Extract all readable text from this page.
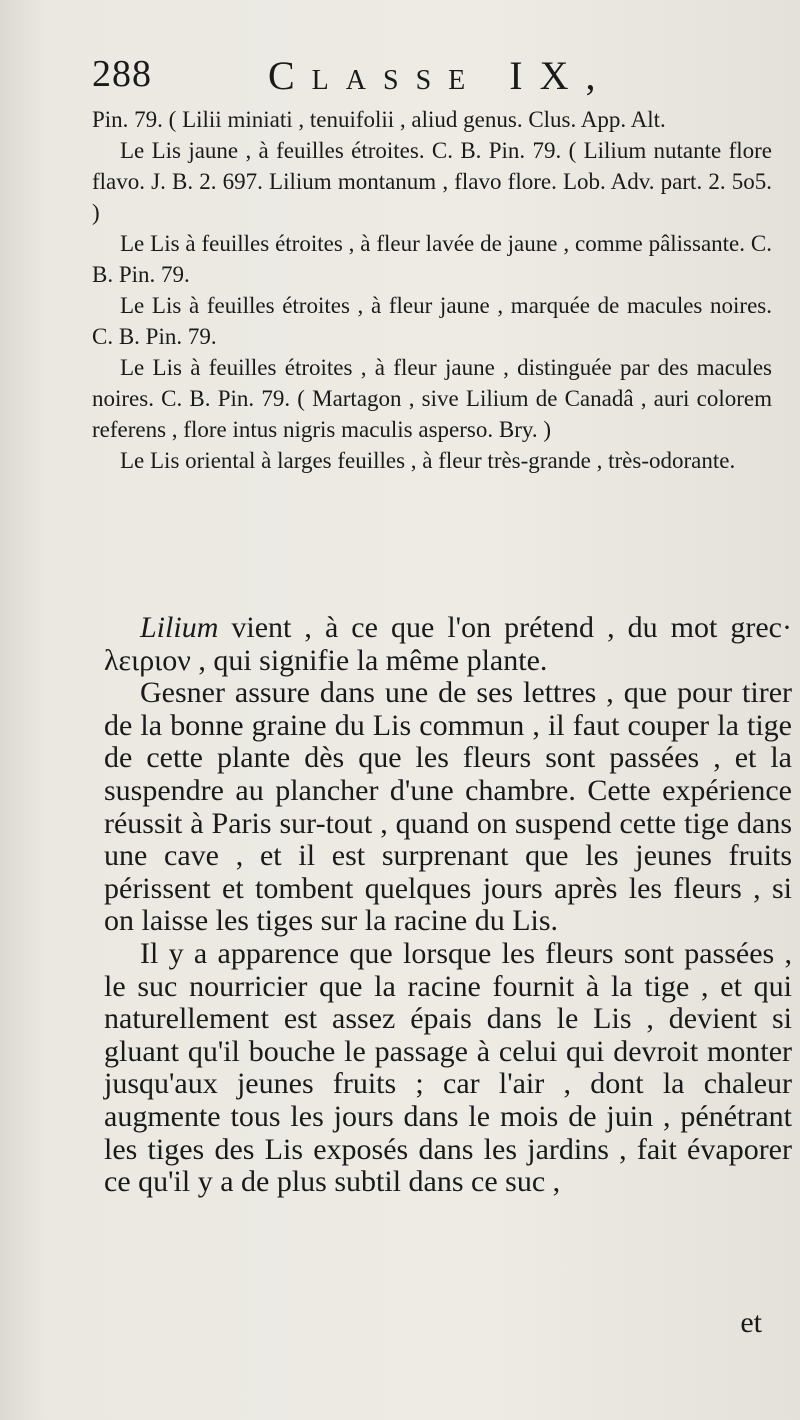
288	Classe IX,

Pin. 79. ( Lilii miniati , tenuifolii , aliud genus. Clus. App. Alt.

Le Lis jaune , à feuilles étroites. C. B. Pin. 79. ( Lilium nutante flore flavo. J. B. 2. 697. Lilium montanum , flavo flore. Lob. Adv. part. 2. 5o5. )

Le Lis à feuilles étroites , à fleur lavée de jaune , comme pâlissante. C. B. Pin. 79.

Le Lis à feuilles étroites , à fleur jaune , marquée de macules noires. C. B. Pin. 79.

Le Lis à feuilles étroites , à fleur jaune , distinguée par des macules noires. C. B. Pin. 79. ( Martagon , sive Lilium de Canadâ , auri colorem referens , flore intus nigris maculis asperso. Bry. )

Le Lis oriental à larges feuilles , à fleur très-grande , très-odorante.

Lilium vient , à ce que l'on prétend , du mot grec· λειριον , qui signifie la même plante.

Gesner assure dans une de ses lettres , que pour tirer de la bonne graine du Lis commun , il faut couper la tige de cette plante dès que les fleurs sont passées , et la suspendre au plancher d'une chambre. Cette expérience réussit à Paris sur-tout , quand on suspend cette tige dans une cave , et il est surprenant que les jeunes fruits périssent et tombent quelques jours après les fleurs , si on laisse les tiges sur la racine du Lis.

Il y a apparence que lorsque les fleurs sont passées , le suc nourricier que la racine fournit à la tige , et qui naturellement est assez épais dans le Lis , devient si gluant qu'il bouche le passage à celui qui devroit monter jusqu'aux jeunes fruits ; car l'air , dont la chaleur augmente tous les jours dans le mois de juin , pénétrant les tiges des Lis exposés dans les jardins , fait évaporer ce qu'il y a de plus subtil dans ce suc ,

et
